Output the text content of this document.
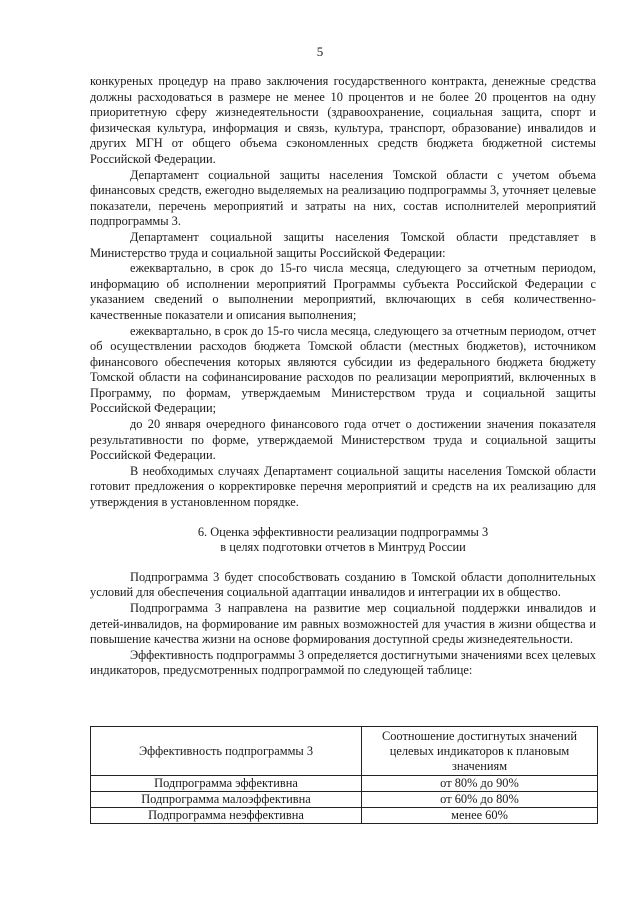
5

конкуреных процедур на право заключения государственного контракта, денежные средства должны расходоваться в размере не менее 10 процентов и не более 20 процентов на одну приоритетную сферу жизнедеятельности (здравоохранение, социальная защита, спорт и физическая культура, информация и связь, культура, транспорт, образование) инвалидов и других МГН от общего объема сэкономленных средств бюджета бюджетной системы Российской Федерации.

Департамент социальной защиты населения Томской области с учетом объема финансовых средств, ежегодно выделяемых на реализацию подпрограммы 3, уточняет целевые показатели, перечень мероприятий и затраты на них, состав исполнителей мероприятий подпрограммы 3.

Департамент социальной защиты населения Томской области представляет в Министерство труда и социальной защиты Российской Федерации:

ежеквартально, в срок до 15-го числа месяца, следующего за отчетным периодом, информацию об исполнении мероприятий Программы субъекта Российской Федерации с указанием сведений о выполнении мероприятий, включающих в себя количественно-качественные показатели и описания выполнения;

ежеквартально, в срок до 15-го числа месяца, следующего за отчетным периодом, отчет об осуществлении расходов бюджета Томской области (местных бюджетов), источником финансового обеспечения которых являются субсидии из федерального бюджета бюджету Томской области на софинансирование расходов по реализации мероприятий, включенных в Программу, по формам, утверждаемым Министерством труда и социальной защиты Российской Федерации;

до 20 января очередного финансового года отчет о достижении значения показателя результативности по форме, утверждаемой Министерством труда и социальной защиты Российской Федерации.

В необходимых случаях Департамент социальной защиты населения Томской области готовит предложения о корректировке перечня мероприятий и средств на их реализацию для утверждения в установленном порядке.

6. Оценка эффективности реализации подпрограммы 3
в целях подготовки отчетов в Минтруд России

Подпрограмма 3 будет способствовать созданию в Томской области дополнительных условий для обеспечения социальной адаптации инвалидов и интеграции их в общество.

Подпрограмма 3 направлена на развитие мер социальной поддержки инвалидов и детей-инвалидов, на формирование им равных возможностей для участия в жизни общества и повышение качества жизни на основе формирования доступной среды жизнедеятельности.

Эффективность подпрограммы 3 определяется достигнутыми значениями всех целевых индикаторов, предусмотренных подпрограммой по следующей таблице:

Эффективность подпрограммы 3	Соотношение достигнутых значений целевых индикаторов к плановым значениям
Подпрограмма эффективна	от 80% до 90%
Подпрограмма малоэффективна	от 60% до 80%
Подпрограмма неэффективна	менее 60%
